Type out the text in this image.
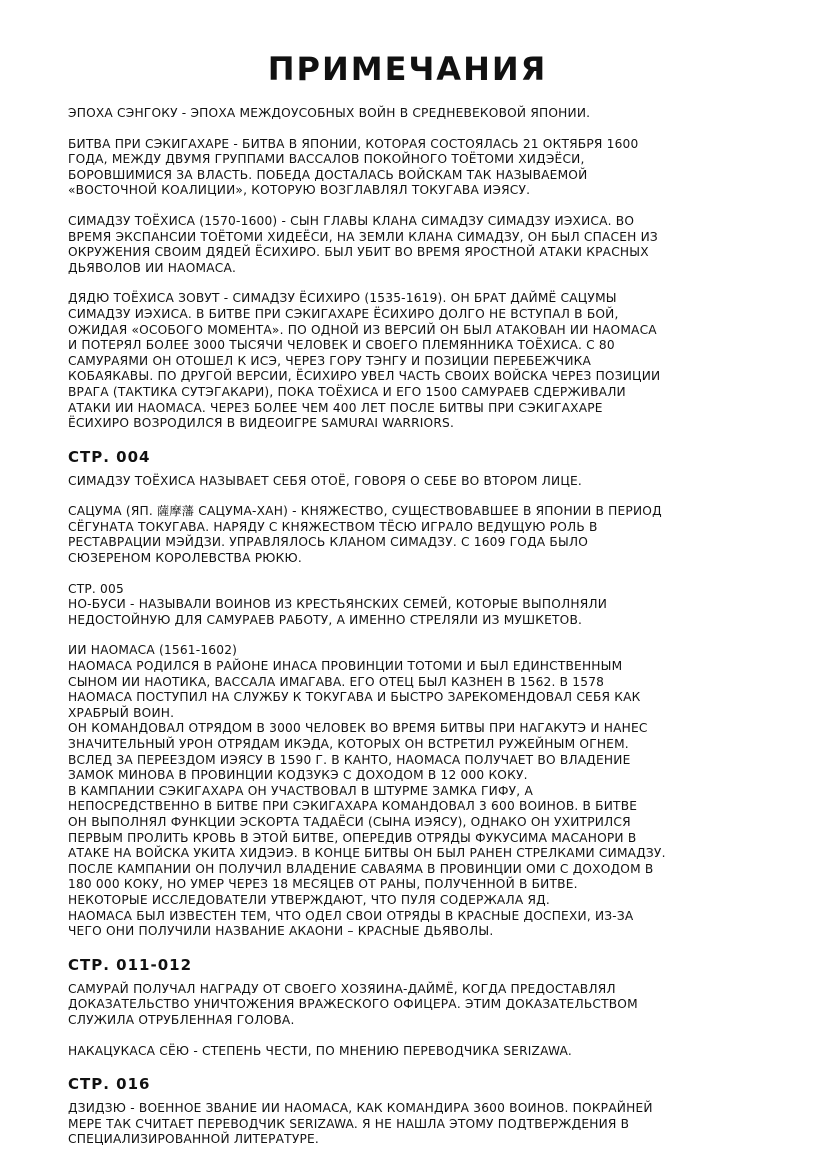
ПРИМЕЧАНИЯ

ЭПОХА СЭНГОКУ - ЭПОХА МЕЖДОУСОБНЫХ ВОЙН В СРЕДНЕВЕКОВОЙ ЯПОНИИ.

БИТВА ПРИ СЭКИГАХАРЕ - БИТВА В ЯПОНИИ, КОТОРАЯ СОСТОЯЛАСЬ 21 ОКТЯБРЯ 1600
ГОДА, МЕЖДУ ДВУМЯ ГРУППАМИ ВАССАЛОВ ПОКОЙНОГО ТОЁТОМИ ХИДЭЁСИ,
БОРОВШИМИСЯ ЗА ВЛАСТЬ. ПОБЕДА ДОСТАЛАСЬ ВОЙСКАМ ТАК НАЗЫВАЕМОЙ
«ВОСТОЧНОЙ КОАЛИЦИИ», КОТОРУЮ ВОЗГЛАВЛЯЛ ТОКУГАВА ИЭЯСУ.

СИМАДЗУ ТОЁХИСА (1570-1600) - СЫН ГЛАВЫ КЛАНА СИМАДЗУ СИМАДЗУ ИЭХИСА. ВО
ВРЕМЯ ЭКСПАНСИИ ТОЁТОМИ ХИДЕЁСИ, НА ЗЕМЛИ КЛАНА СИМАДЗУ, ОН БЫЛ СПАСЕН ИЗ
ОКРУЖЕНИЯ СВОИМ ДЯДЕЙ ЁСИХИРО. БЫЛ УБИТ ВО ВРЕМЯ ЯРОСТНОЙ АТАКИ КРАСНЫХ
ДЬЯВОЛОВ ИИ НАОМАСА.

ДЯДЮ ТОЁХИСА ЗОВУТ - СИМАДЗУ ЁСИХИРО (1535-1619). ОН БРАТ ДАЙМЁ САЦУМЫ
СИМАДЗУ ИЭХИСА. В БИТВЕ ПРИ СЭКИГАХАРЕ ЁСИХИРО ДОЛГО НЕ ВСТУПАЛ В БОЙ,
ОЖИДАЯ «ОСОБОГО МОМЕНТА». ПО ОДНОЙ ИЗ ВЕРСИЙ ОН БЫЛ АТАКОВАН ИИ НАОМАСА
И ПОТЕРЯЛ БОЛЕЕ 3000 ТЫСЯЧИ ЧЕЛОВЕК И СВОЕГО ПЛЕМЯННИКА ТОЁХИСА. С 80
САМУРАЯМИ ОН ОТОШЕЛ К ИСЭ, ЧЕРЕЗ ГОРУ ТЭНГУ И ПОЗИЦИИ ПЕРЕБЕЖЧИКА
КОБАЯКАВЫ. ПО ДРУГОЙ ВЕРСИИ, ЁСИХИРО УВЕЛ ЧАСТЬ СВОИХ ВОЙСКА ЧЕРЕЗ ПОЗИЦИИ
ВРАГА (ТАКТИКА СУТЭГАКАРИ), ПОКА ТОЁХИСА И ЕГО 1500 САМУРАЕВ СДЕРЖИВАЛИ
АТАКИ ИИ НАОМАСА. ЧЕРЕЗ БОЛЕЕ ЧЕМ 400 ЛЕТ ПОСЛЕ БИТВЫ ПРИ СЭКИГАХАРЕ
ЁСИХИРО ВОЗРОДИЛСЯ В ВИДЕОИГРЕ SAMURAI WARRIORS.

СТР. 004

СИМАДЗУ ТОЁХИСА НАЗЫВАЕТ СЕБЯ ОТОЁ, ГОВОРЯ О СЕБЕ ВО ВТОРОМ ЛИЦЕ.

САЦУМА (ЯП. 薩摩藩 САЦУМА-ХАН) - КНЯЖЕСТВО, СУЩЕСТВОВАВШЕЕ В ЯПОНИИ В ПЕРИОД
СЁГУНАТА ТОКУГАВА. НАРЯДУ С КНЯЖЕСТВОМ ТЁСЮ ИГРАЛО ВЕДУЩУЮ РОЛЬ В
РЕСТАВРАЦИИ МЭЙДЗИ. УПРАВЛЯЛОСЬ КЛАНОМ СИМАДЗУ. С 1609 ГОДА БЫЛО
СЮЗЕРЕНОМ КОРОЛЕВСТВА РЮКЮ.

СТР. 005
НО-БУСИ - НАЗЫВАЛИ ВОИНОВ ИЗ КРЕСТЬЯНСКИХ СЕМЕЙ, КОТОРЫЕ ВЫПОЛНЯЛИ
НЕДОСТОЙНУЮ ДЛЯ САМУРАЕВ РАБОТУ, А ИМЕННО СТРЕЛЯЛИ ИЗ МУШКЕТОВ.

ИИ НАОМАСА (1561-1602)
НАОМАСА РОДИЛСЯ В РАЙОНЕ ИНАСА ПРОВИНЦИИ ТОТОМИ И БЫЛ ЕДИНСТВЕННЫМ
СЫНОМ ИИ НАОТИКА, ВАССАЛА ИМАГАВА. ЕГО ОТЕЦ БЫЛ КАЗНЕН В 1562. В 1578
НАОМАСА ПОСТУПИЛ НА СЛУЖБУ К ТОКУГАВА И БЫСТРО ЗАРЕКОМЕНДОВАЛ СЕБЯ КАК
ХРАБРЫЙ ВОИН.
ОН КОМАНДОВАЛ ОТРЯДОМ В 3000 ЧЕЛОВЕК ВО ВРЕМЯ БИТВЫ ПРИ НАГАКУТЭ И НАНЕС
ЗНАЧИТЕЛЬНЫЙ УРОН ОТРЯДАМ ИКЭДА, КОТОРЫХ ОН ВСТРЕТИЛ РУЖЕЙНЫМ ОГНЕМ.
ВСЛЕД ЗА ПЕРЕЕЗДОМ ИЭЯСУ В 1590 Г. В КАНТО, НАОМАСА ПОЛУЧАЕТ ВО ВЛАДЕНИЕ
ЗАМОК МИНОВА В ПРОВИНЦИИ КОДЗУКЭ С ДОХОДОМ В 12 000 КОКУ.
В КАМПАНИИ СЭКИГАХАРА ОН УЧАСТВОВАЛ В ШТУРМЕ ЗАМКА ГИФУ, А
НЕПОСРЕДСТВЕННО В БИТВЕ ПРИ СЭКИГАХАРА КОМАНДОВАЛ 3 600 ВОИНОВ. В БИТВЕ
ОН ВЫПОЛНЯЛ ФУНКЦИИ ЭСКОРТА ТАДАЁСИ (СЫНА ИЭЯСУ), ОДНАКО ОН УХИТРИЛСЯ
ПЕРВЫМ ПРОЛИТЬ КРОВЬ В ЭТОЙ БИТВЕ, ОПЕРЕДИВ ОТРЯДЫ ФУКУСИМА МАСАНОРИ В
АТАКЕ НА ВОЙСКА УКИТА ХИДЭИЭ. В КОНЦЕ БИТВЫ ОН БЫЛ РАНЕН СТРЕЛКАМИ СИМАДЗУ.
ПОСЛЕ КАМПАНИИ ОН ПОЛУЧИЛ ВЛАДЕНИЕ САВАЯМА В ПРОВИНЦИИ ОМИ С ДОХОДОМ В
180 000 КОКУ, НО УМЕР ЧЕРЕЗ 18 МЕСЯЦЕВ ОТ РАНЫ, ПОЛУЧЕННОЙ В БИТВЕ.
НЕКОТОРЫЕ ИССЛЕДОВАТЕЛИ УТВЕРЖДАЮТ, ЧТО ПУЛЯ СОДЕРЖАЛА ЯД.
НАОМАСА БЫЛ ИЗВЕСТЕН ТЕМ, ЧТО ОДЕЛ СВОИ ОТРЯДЫ В КРАСНЫЕ ДОСПЕХИ, ИЗ-ЗА
ЧЕГО ОНИ ПОЛУЧИЛИ НАЗВАНИЕ АКАОНИ – КРАСНЫЕ ДЬЯВОЛЫ.

СТР. 011-012

САМУРАЙ ПОЛУЧАЛ НАГРАДУ ОТ СВОЕГО ХОЗЯИНА-ДАЙМЁ, КОГДА ПРЕДОСТАВЛЯЛ
ДОКАЗАТЕЛЬСТВО УНИЧТОЖЕНИЯ ВРАЖЕСКОГО ОФИЦЕРА. ЭТИМ ДОКАЗАТЕЛЬСТВОМ
СЛУЖИЛА ОТРУБЛЕННАЯ ГОЛОВА.

НАКАЦУКАСА СЁЮ - СТЕПЕНЬ ЧЕСТИ, ПО МНЕНИЮ ПЕРЕВОДЧИКА SERIZAWA.

СТР. 016

ДЗИДЗЮ - ВОЕННОЕ ЗВАНИЕ ИИ НАОМАСА, КАК КОМАНДИРА 3600 ВОИНОВ. ПОКРАЙНЕЙ
МЕРЕ ТАК СЧИТАЕТ ПЕРЕВОДЧИК SERIZAWA. Я НЕ НАШЛА ЭТОМУ ПОДТВЕРЖДЕНИЯ В
СПЕЦИАЛИЗИРОВАННОЙ ЛИТЕРАТУРЕ.
